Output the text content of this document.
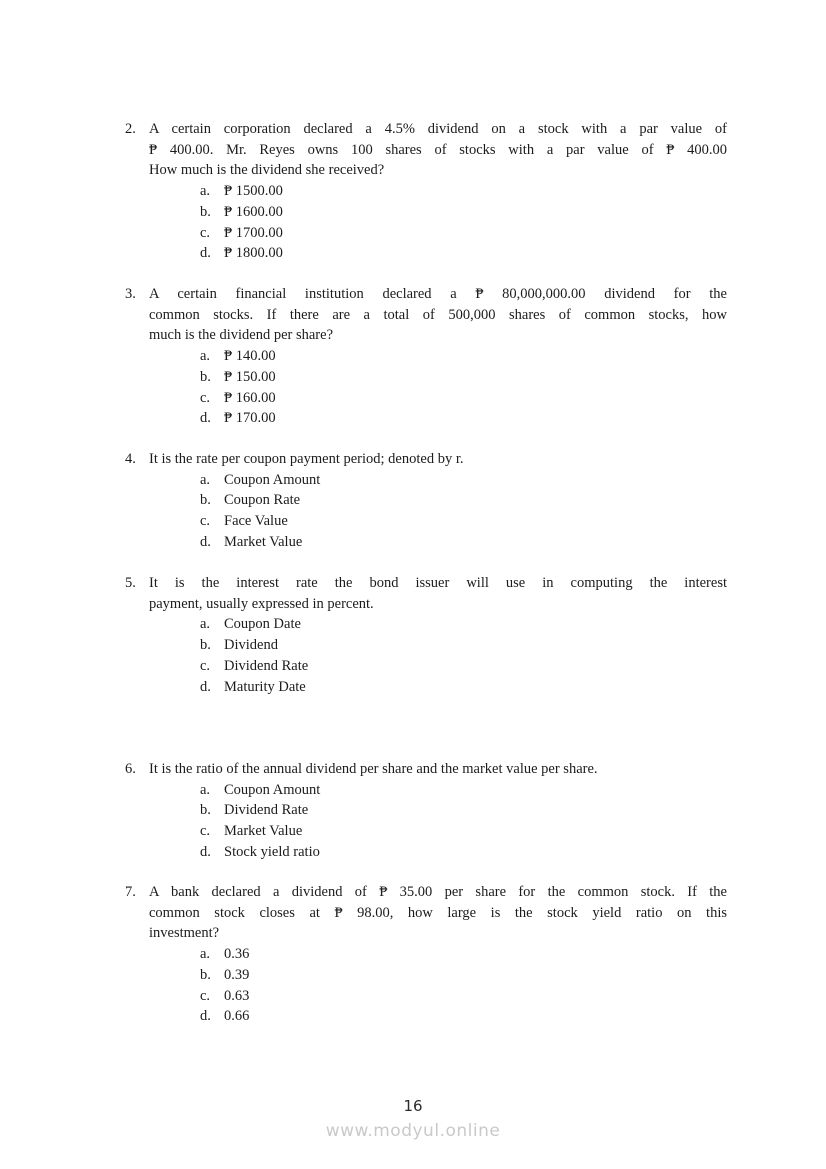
2. A certain corporation declared a 4.5% dividend on a stock with a par value of
₱ 400.00. Mr. Reyes owns 100 shares of stocks with a par value of ₱ 400.00
How much is the dividend she received?
a. ₱ 1500.00
b. ₱ 1600.00
c. ₱ 1700.00
d. ₱ 1800.00
3. A certain financial institution declared a ₱ 80,000,000.00 dividend for the
common stocks. If there are a total of 500,000 shares of common stocks, how
much is the dividend per share?
a. ₱ 140.00
b. ₱ 150.00
c. ₱ 160.00
d. ₱ 170.00
4. It is the rate per coupon payment period; denoted by r.
a. Coupon Amount
b. Coupon Rate
c. Face Value
d. Market Value
5. It is the interest rate the bond issuer will use in computing the interest
payment, usually expressed in percent.
a. Coupon Date
b. Dividend
c. Dividend Rate
d. Maturity Date
6. It is the ratio of the annual dividend per share and the market value per share.
a. Coupon Amount
b. Dividend Rate
c. Market Value
d. Stock yield ratio
7. A bank declared a dividend of ₱ 35.00 per share for the common stock. If the
common stock closes at ₱ 98.00, how large is the stock yield ratio on this
investment?
a. 0.36
b. 0.39
c. 0.63
d. 0.66
16
www.modyul.online
